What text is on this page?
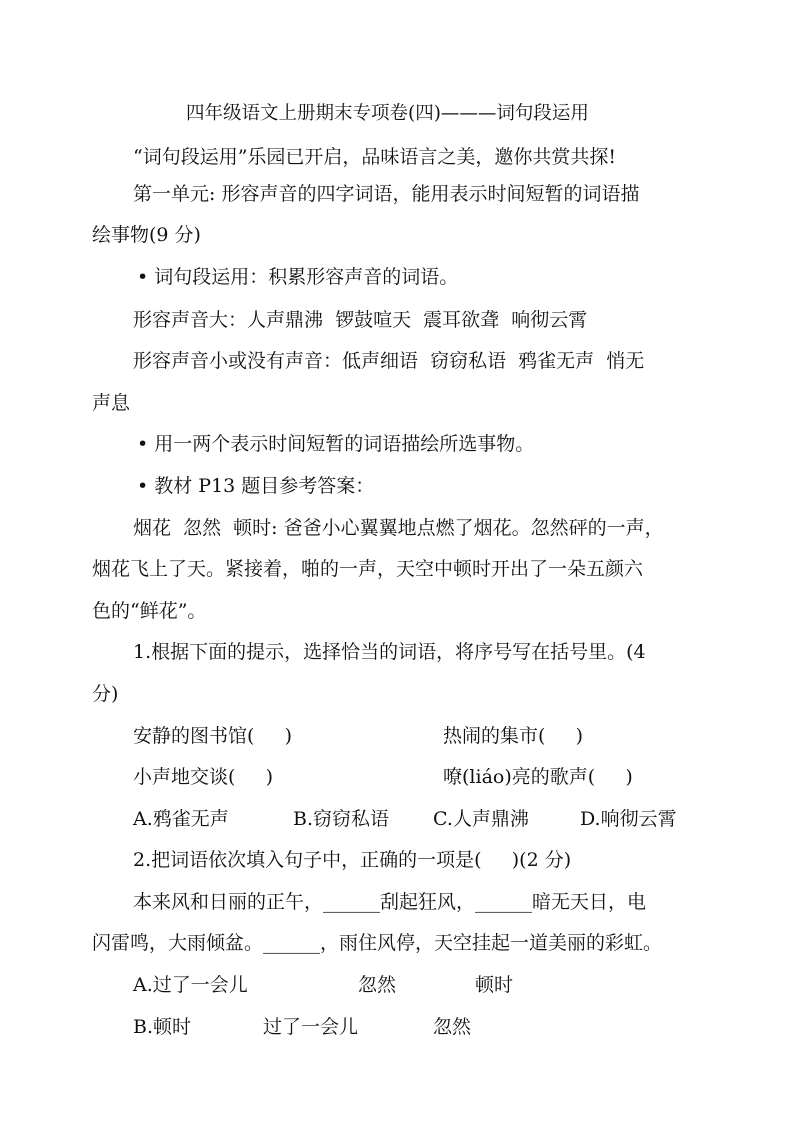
四年级语文上册期末专项卷(四)———词句段运用
“词句段运用”乐园已开启，品味语言之美，邀你共赏共探!
第一单元: 形容声音的四字词语，能用表示时间短暂的词语描
绘事物(9 分)
• 词句段运用：积累形容声音的词语。
形容声音大：人声鼎沸  锣鼓喧天  震耳欲聋  响彻云霄
形容声音小或没有声音：低声细语  窃窃私语  鸦雀无声  悄无
声息
• 用一两个表示时间短暂的词语描绘所选事物。
• 教材 P13 题目参考答案：
烟花  忽然  顿时: 爸爸小心翼翼地点燃了烟花。忽然砰的一声，
烟花飞上了天。紧接着，啪的一声，天空中顿时开出了一朵五颜六
色的“鲜花”。
1.根据下面的提示，选择恰当的词语，将序号写在括号里。(4
分)
安静的图书馆(     )	热闹的集市(     )
小声地交谈(     )	嘹(liáo)亮的歌声(     )
A.鸦雀无声	B.窃窃私语 C.人声鼎沸	D.响彻云霄
2.把词语依次填入句子中，正确的一项是(     )(2 分)
本来风和日丽的正午，______刮起狂风，______暗无天日，电
闪雷鸣，大雨倾盆。______，雨住风停，天空挂起一道美丽的彩虹。
A.过了一会儿	忽然	顿时
B.顿时	过了一会儿	忽然
